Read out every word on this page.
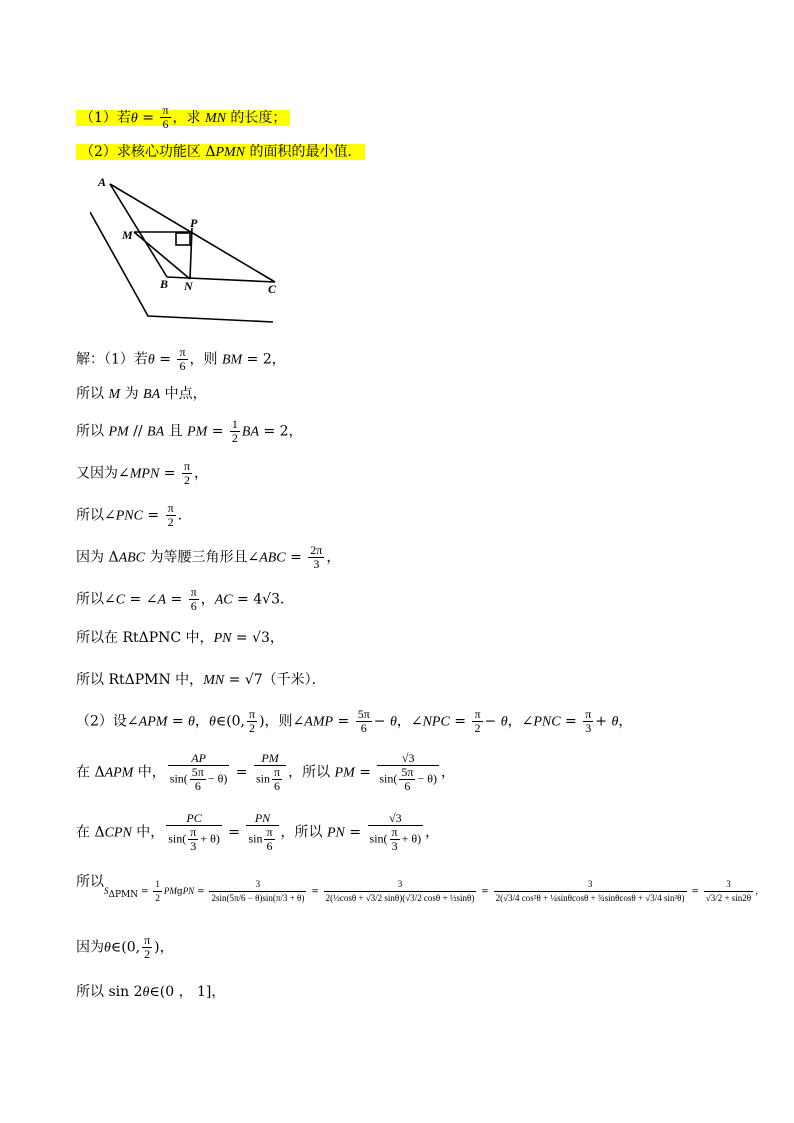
（1）若$\theta = \frac{\pi}{6}$ ，求 MN 的长度；
（2）求核心功能区 ΔPMN 的面积的最小值．
A
M
P
B N	C
解：（1）若$\theta = \frac{\pi}{6}$ ，则 BM = 2，
所以 M 为 BA 中点，
所以 PM // BA 且 PM = $\frac{1}{2}$ BA = 2，
又因为∠MPN = $\frac{\pi}{2}$ ，
所以∠PNC = $\frac{\pi}{2}$ ．
因为 ΔABC 为等腰三角形且∠ABC = $\frac{2\pi}{3}$ ，
所以∠C = ∠A = $\frac{\pi}{6}$ ，AC = 4√3．
所以在 RtΔPNC 中，PN = √3，
所以 RtΔPMN 中，MN = √7（千米）．
（2）设∠APM = θ，θ∈(0, $\frac{\pi}{2}$ )，则∠AMP = $\frac{5\pi}{6} - \theta$，∠NPC = $\frac{\pi}{2} - \theta$，∠PNC = $\frac{\pi}{3} + \theta$，
在 ΔAPM 中， $\frac{AP}{\sin( \frac{5\pi}{6} - \theta)} = \frac{PM}{\sin \frac{\pi}{6}}$ ，所以 PM = $\frac{√3}{\sin( \frac{5\pi}{6} - \theta)}$ ，
在 ΔCPN 中， $\frac{PC}{\sin( \frac{\pi}{3} + \theta)} = \frac{PN}{\sin \frac{\pi}{6}}$ ，所以 PN = $\frac{√3}{\sin( \frac{\pi}{3} + \theta)}$ ，
所以
$S_{\Delta PMN} = \frac{1}{2}$ PMgPN = $\frac{3}{2\sin(5\pi/6 - \theta)\sin(\pi/3 + \theta)} = \frac{3}{\text{2(½cosθ + √3/2 sinθ)(√3/2 cosθ + ½sinθ)}} = \frac{3}{\text{2(√3/4 cos²θ + ¼sinθcosθ + ¾sinθcosθ + √3/4 sin²θ)}} = \frac{3}{√3/2 + \sin 2\theta}$ ，
因为θ∈(0, $\frac{\pi}{2}$ )，
所以 sin 2θ∈(0 ， 1]，
